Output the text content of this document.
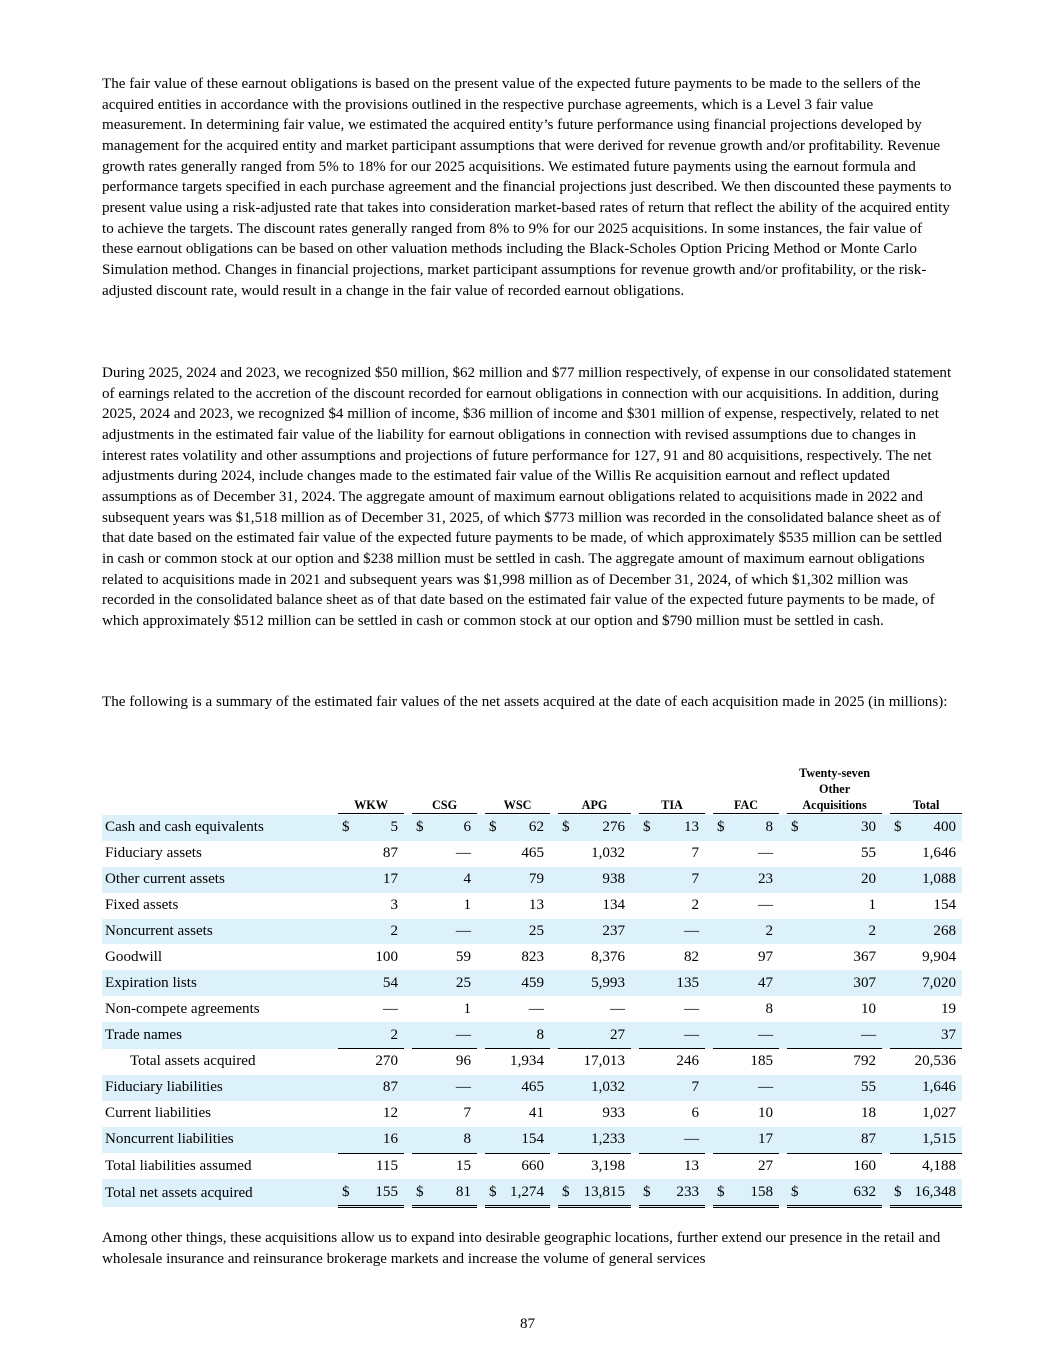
The fair value of these earnout obligations is based on the present value of the expected future payments to be made to the sellers of the acquired entities in accordance with the provisions outlined in the respective purchase agreements, which is a Level 3 fair value measurement. In determining fair value, we estimated the acquired entity’s future performance using financial projections developed by management for the acquired entity and market participant assumptions that were derived for revenue growth and/or profitability. Revenue growth rates generally ranged from 5% to 18% for our 2025 acquisitions. We estimated future payments using the earnout formula and performance targets specified in each purchase agreement and the financial projections just described. We then discounted these payments to present value using a risk-adjusted rate that takes into consideration market-based rates of return that reflect the ability of the acquired entity to achieve the targets. The discount rates generally ranged from 8% to 9% for our 2025 acquisitions. In some instances, the fair value of these earnout obligations can be based on other valuation methods including the Black-Scholes Option Pricing Method or Monte Carlo Simulation method. Changes in financial projections, market participant assumptions for revenue growth and/or profitability, or the risk-adjusted discount rate, would result in a change in the fair value of recorded earnout obligations.

During 2025, 2024 and 2023, we recognized $50 million, $62 million and $77 million respectively, of expense in our consolidated statement of earnings related to the accretion of the discount recorded for earnout obligations in connection with our acquisitions. In addition, during 2025, 2024 and 2023, we recognized $4 million of income, $36 million of income and $301 million of expense, respectively, related to net adjustments in the estimated fair value of the liability for earnout obligations in connection with revised assumptions due to changes in interest rates volatility and other assumptions and projections of future performance for 127, 91 and 80 acquisitions, respectively. The net adjustments during 2024, include changes made to the estimated fair value of the Willis Re acquisition earnout and reflect updated assumptions as of December 31, 2024. The aggregate amount of maximum earnout obligations related to acquisitions made in 2022 and subsequent years was $1,518 million as of December 31, 2025, of which $773 million was recorded in the consolidated balance sheet as of that date based on the estimated fair value of the expected future payments to be made, of which approximately $535 million can be settled in cash or common stock at our option and $238 million must be settled in cash. The aggregate amount of maximum earnout obligations related to acquisitions made in 2021 and subsequent years was $1,998 million as of December 31, 2024, of which $1,302 million was recorded in the consolidated balance sheet as of that date based on the estimated fair value of the expected future payments to be made, of which approximately $512 million can be settled in cash or common stock at our option and $790 million must be settled in cash.

The following is a summary of the estimated fair values of the net assets acquired at the date of each acquisition made in 2025 (in millions):

		WKW			CSG			WSC			APG			TIA			FAC			Twenty-seven Other Acquisitions			Total	

Cash and cash equivalents		$	5		$	6		$	62		$	276		$	13		$	8		$	30		$	400
Fiduciary assets			87			—			465			1,032			7			—			55			1,646
Other current assets			17			4			79			938			7			23			20			1,088
Fixed assets			3			1			13			134			2			—			1			154
Noncurrent assets			2			—			25			237			—			2			2			268
Goodwill			100			59			823			8,376			82			97			367			9,904
Expiration lists			54			25			459			5,993			135			47			307			7,020
Non-compete agreements			—			1			—			—			—			8			10			19
Trade names			2			—			8			27			—			—			—			37
Total assets acquired			270			96			1,934			17,013			246			185			792			20,536
Fiduciary liabilities			87			—			465			1,032			7			—			55			1,646
Current liabilities			12			7			41			933			6			10			18			1,027
Noncurrent liabilities			16			8			154			1,233			—			17			87			1,515
Total liabilities assumed			115			15			660			3,198			13			27			160			4,188
Total net assets acquired		$	155		$	81		$	1,274		$	13,815		$	233		$	158		$	632		$	16,348

Among other things, these acquisitions allow us to expand into desirable geographic locations, further extend our presence in the retail and wholesale insurance and reinsurance brokerage markets and increase the volume of general services

87
